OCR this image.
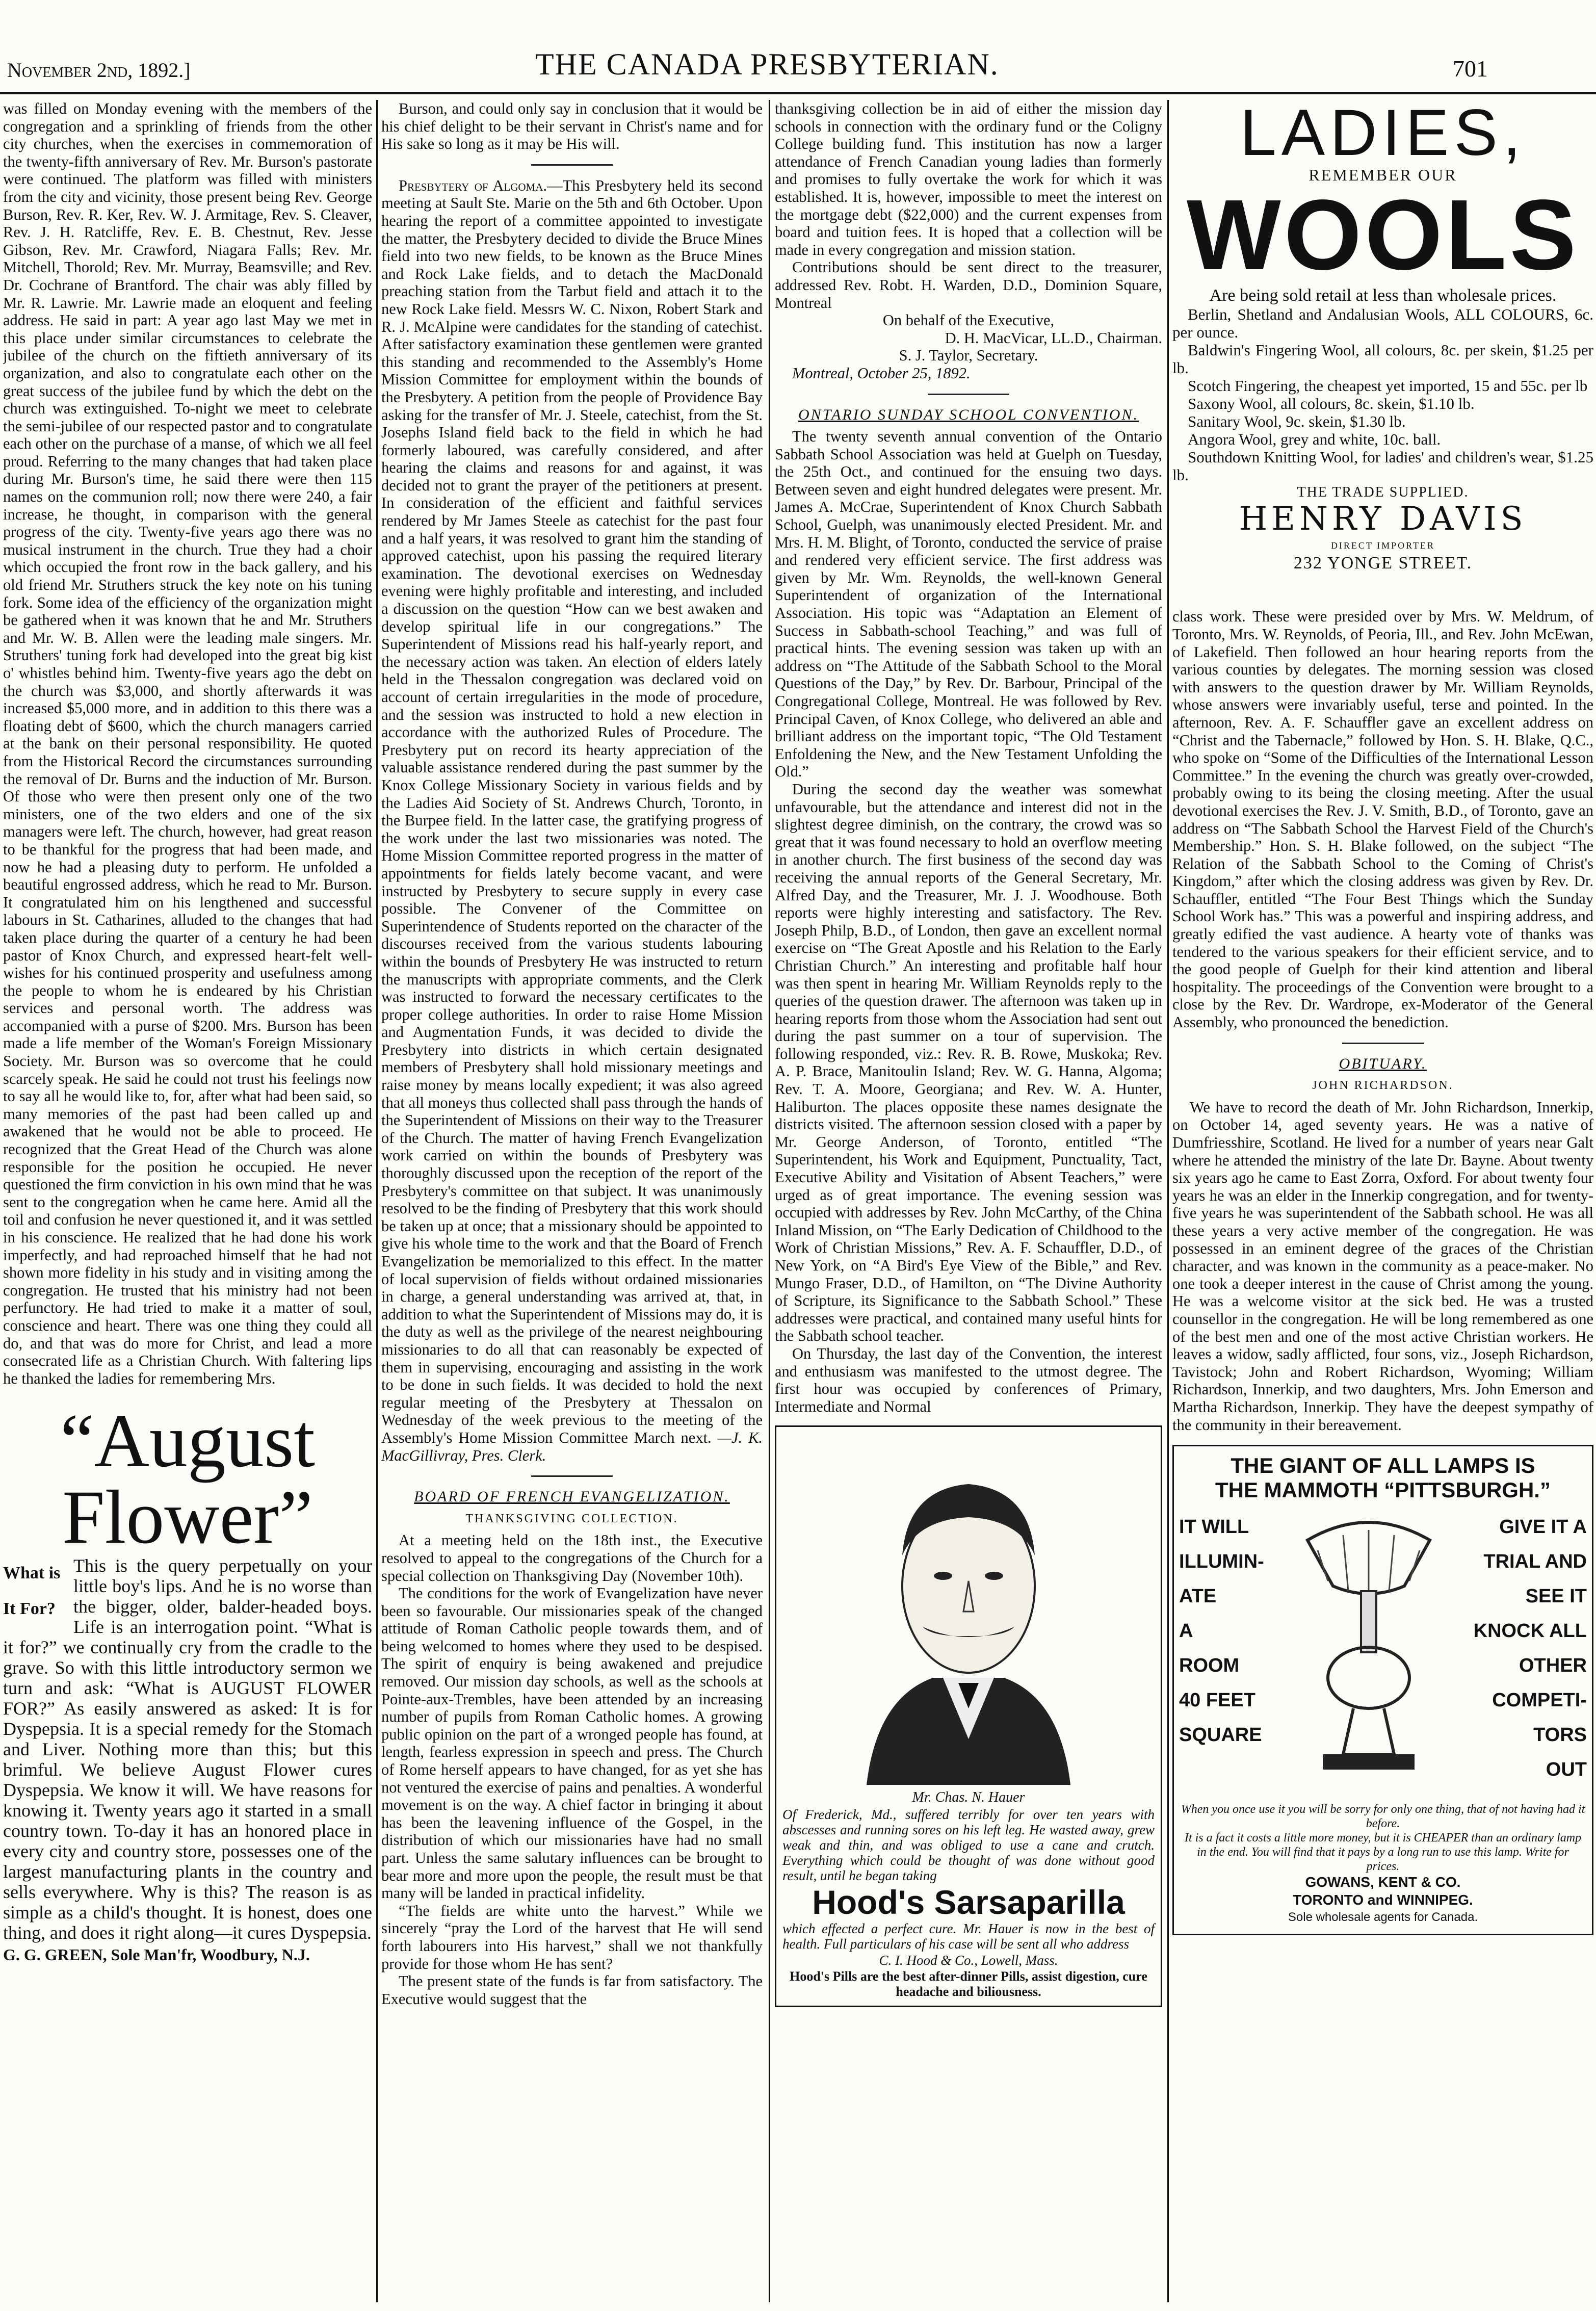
November 2nd, 1892.]	THE CANADA PRESBYTERIAN.	701

was filled on Monday evening with the members of the congregation and a sprinkling of friends from the other city churches, when the exercises in commemoration of the twenty-fifth anniversary of Rev. Mr. Burson's pastorate were continued. The platform was filled with ministers from the city and vicinity, those present being Rev. George Burson, Rev. R. Ker, Rev. W. J. Armitage, Rev. S. Cleaver, Rev. J. H. Ratcliffe, Rev. E. B. Chestnut, Rev. Jesse Gibson, Rev. Mr. Crawford, Niagara Falls; Rev. Mr. Mitchell, Thorold; Rev. Mr. Murray, Beamsville; and Rev. Dr. Cochrane of Brantford. The chair was ably filled by Mr. R. Lawrie. Mr. Lawrie made an eloquent and feeling address. He said in part: A year ago last May we met in this place under similar circumstances to celebrate the jubilee of the church on the fiftieth anniversary of its organization, and also to congratulate each other on the great success of the jubilee fund by which the debt on the church was extinguished. To-night we meet to celebrate the semi-jubilee of our respected pastor and to congratulate each other on the purchase of a manse, of which we all feel proud. Referring to the many changes that had taken place during Mr. Burson's time, he said there were then 115 names on the communion roll; now there were 240, a fair increase, he thought, in comparison with the general progress of the city. Twenty-five years ago there was no musical instrument in the church. True they had a choir which occupied the front row in the back gallery, and his old friend Mr. Struthers struck the key note on his tuning fork. Some idea of the efficiency of the organization might be gathered when it was known that he and Mr. Struthers and Mr. W. B. Allen were the leading male singers. Mr. Struthers' tuning fork had developed into the great big kist o' whistles behind him. Twenty-five years ago the debt on the church was $3,000, and shortly afterwards it was increased $5,000 more, and in addition to this there was a floating debt of $600, which the church managers carried at the bank on their personal responsibility. He quoted from the Historical Record the circumstances surrounding the removal of Dr. Burns and the induction of Mr. Burson. Of those who were then present only one of the two ministers, one of the two elders and one of the six managers were left. The church, however, had great reason to be thankful for the progress that had been made, and now he had a pleasing duty to perform. He unfolded a beautiful engrossed address, which he read to Mr. Burson. It congratulated him on his lengthened and successful labours in St. Catharines, alluded to the changes that had taken place during the quarter of a century he had been pastor of Knox Church, and expressed heart-felt well-wishes for his continued prosperity and usefulness among the people to whom he is endeared by his Christian services and personal worth. The address was accompanied with a purse of $200. Mrs. Burson has been made a life member of the Woman's Foreign Missionary Society. Mr. Burson was so overcome that he could scarcely speak. He said he could not trust his feelings now to say all he would like to, for, after what had been said, so many memories of the past had been called up and awakened that he would not be able to proceed. He recognized that the Great Head of the Church was alone responsible for the position he occupied. He never questioned the firm conviction in his own mind that he was sent to the congregation when he came here. Amid all the toil and confusion he never questioned it, and it was settled in his conscience. He realized that he had done his work imperfectly, and had reproached himself that he had not shown more fidelity in his study and in visiting among the congregation. He trusted that his ministry had not been perfunctory. He had tried to make it a matter of soul, conscience and heart. There was one thing they could all do, and that was do more for Christ, and lead a more consecrated life as a Christian Church. With faltering lips he thanked the ladies for remembering Mrs.

“August Flower”
What is
It For?
This is the query perpetually on your little boy's lips. And he is no worse than the bigger, older, balder-headed boys. Life is an interrogation point. “What is it for?” we continually cry from the cradle to the grave. So with this little introductory sermon we turn and ask: “What is AUGUST FLOWER FOR?” As easily answered as asked: It is for Dyspepsia. It is a special remedy for the Stomach and Liver. Nothing more than this; but this brimful. We believe August Flower cures Dyspepsia. We know it will. We have reasons for knowing it. Twenty years ago it started in a small country town. To-day it has an honored place in every city and country store, possesses one of the largest manufacturing plants in the country and sells everywhere. Why is this? The reason is as simple as a child's thought. It is honest, does one thing, and does it right along—it cures Dyspepsia.
G. G. GREEN, Sole Man'fr, Woodbury, N.J.

Burson, and could only say in conclusion that it would be his chief delight to be their servant in Christ's name and for His sake so long as it may be His will.

Presbytery of Algoma.—This Presbytery held its second meeting at Sault Ste. Marie on the 5th and 6th October. Upon hearing the report of a committee appointed to investigate the matter, the Presbytery decided to divide the Bruce Mines field into two new fields, to be known as the Bruce Mines and Rock Lake fields, and to detach the MacDonald preaching station from the Tarbut field and attach it to the new Rock Lake field. Messrs W. C. Nixon, Robert Stark and R. J. McAlpine were candidates for the standing of catechist. After satisfactory examination these gentlemen were granted this standing and recommended to the Assembly's Home Mission Committee for employment within the bounds of the Presbytery. A petition from the people of Providence Bay asking for the transfer of Mr. J. Steele, catechist, from the St. Josephs Island field back to the field in which he had formerly laboured, was carefully considered, and after hearing the claims and reasons for and against, it was decided not to grant the prayer of the petitioners at present. In consideration of the efficient and faithful services rendered by Mr James Steele as catechist for the past four and a half years, it was resolved to grant him the standing of approved catechist, upon his passing the required literary examination. The devotional exercises on Wednesday evening were highly profitable and interesting, and included a discussion on the question “How can we best awaken and develop spiritual life in our congregations.” The Superintendent of Missions read his half-yearly report, and the necessary action was taken. An election of elders lately held in the Thessalon congregation was declared void on account of certain irregularities in the mode of procedure, and the session was instructed to hold a new election in accordance with the authorized Rules of Procedure. The Presbytery put on record its hearty appreciation of the valuable assistance rendered during the past summer by the Knox College Missionary Society in various fields and by the Ladies Aid Society of St. Andrews Church, Toronto, in the Burpee field. In the latter case, the gratifying progress of the work under the last two missionaries was noted. The Home Mission Committee reported progress in the matter of appointments for fields lately become vacant, and were instructed by Presbytery to secure supply in every case possible. The Convener of the Committee on Superintendence of Students reported on the character of the discourses received from the various students labouring within the bounds of Presbytery He was instructed to return the manuscripts with appropriate comments, and the Clerk was instructed to forward the necessary certificates to the proper college authorities. In order to raise Home Mission and Augmentation Funds, it was decided to divide the Presbytery into districts in which certain designated members of Presbytery shall hold missionary meetings and raise money by means locally expedient; it was also agreed that all moneys thus collected shall pass through the hands of the Superintendent of Missions on their way to the Treasurer of the Church. The matter of having French Evangelization work carried on within the bounds of Presbytery was thoroughly discussed upon the reception of the report of the Presbytery's committee on that subject. It was unanimously resolved to be the finding of Presbytery that this work should be taken up at once; that a missionary should be appointed to give his whole time to the work and that the Board of French Evangelization be memorialized to this effect. In the matter of local supervision of fields without ordained missionaries in charge, a general understanding was arrived at, that, in addition to what the Superintendent of Missions may do, it is the duty as well as the privilege of the nearest neighbouring missionaries to do all that can reasonably be expected of them in supervising, encouraging and assisting in the work to be done in such fields. It was decided to hold the next regular meeting of the Presbytery at Thessalon on Wednesday of the week previous to the meeting of the Assembly's Home Mission Committee March next. —J. K. MacGillivray, Pres. Clerk.

BOARD OF FRENCH EVANGELIZATION.
THANKSGIVING COLLECTION.

At a meeting held on the 18th inst., the Executive resolved to appeal to the congregations of the Church for a special collection on Thanksgiving Day (November 10th).

The conditions for the work of Evangelization have never been so favourable. Our missionaries speak of the changed attitude of Roman Catholic people towards them, and of being welcomed to homes where they used to be despised. The spirit of enquiry is being awakened and prejudice removed. Our mission day schools, as well as the schools at Pointe-aux-Trembles, have been attended by an increasing number of pupils from Roman Catholic homes. A growing public opinion on the part of a wronged people has found, at length, fearless expression in speech and press. The Church of Rome herself appears to have changed, for as yet she has not ventured the exercise of pains and penalties. A wonderful movement is on the way. A chief factor in bringing it about has been the leavening influence of the Gospel, in the distribution of which our missionaries have had no small part. Unless the same salutary influences can be brought to bear more and more upon the people, the result must be that many will be landed in practical infidelity.

“The fields are white unto the harvest.” While we sincerely “pray the Lord of the harvest that He will send forth labourers into His harvest,” shall we not thankfully provide for those whom He has sent?

The present state of the funds is far from satisfactory. The Executive would suggest that the

thanksgiving collection be in aid of either the mission day schools in connection with the ordinary fund or the Coligny College building fund. This institution has now a larger attendance of French Canadian young ladies than formerly and promises to fully overtake the work for which it was established. It is, however, impossible to meet the interest on the mortgage debt ($22,000) and the current expenses from board and tuition fees. It is hoped that a collection will be made in every congregation and mission station.

Contributions should be sent direct to the treasurer, addressed Rev. Robt. H. Warden, D.D., Dominion Square, Montreal

On behalf of the Executive,

D. H. MacVicar, LL.D., Chairman.

S. J. Taylor, Secretary.

Montreal, October 25, 1892.

ONTARIO SUNDAY SCHOOL CONVENTION.

The twenty seventh annual convention of the Ontario Sabbath School Association was held at Guelph on Tuesday, the 25th Oct., and continued for the ensuing two days. Between seven and eight hundred delegates were present. Mr. James A. McCrae, Superintendent of Knox Church Sabbath School, Guelph, was unanimously elected President. Mr. and Mrs. H. M. Blight, of Toronto, conducted the service of praise and rendered very efficient service. The first address was given by Mr. Wm. Reynolds, the well-known General Superintendent of organization of the International Association. His topic was “Adaptation an Element of Success in Sabbath-school Teaching,” and was full of practical hints. The evening session was taken up with an address on “The Attitude of the Sabbath School to the Moral Questions of the Day,” by Rev. Dr. Barbour, Principal of the Congregational College, Montreal. He was followed by Rev. Principal Caven, of Knox College, who delivered an able and brilliant address on the important topic, “The Old Testament Enfoldening the New, and the New Testament Unfolding the Old.”

During the second day the weather was somewhat unfavourable, but the attendance and interest did not in the slightest degree diminish, on the contrary, the crowd was so great that it was found necessary to hold an overflow meeting in another church. The first business of the second day was receiving the annual reports of the General Secretary, Mr. Alfred Day, and the Treasurer, Mr. J. J. Woodhouse. Both reports were highly interesting and satisfactory. The Rev. Joseph Philp, B.D., of London, then gave an excellent normal exercise on “The Great Apostle and his Relation to the Early Christian Church.” An interesting and profitable half hour was then spent in hearing Mr. William Reynolds reply to the queries of the question drawer. The afternoon was taken up in hearing reports from those whom the Association had sent out during the past summer on a tour of supervision. The following responded, viz.: Rev. R. B. Rowe, Muskoka; Rev. A. P. Brace, Manitoulin Island; Rev. W. G. Hanna, Algoma; Rev. T. A. Moore, Georgiana; and Rev. W. A. Hunter, Haliburton. The places opposite these names designate the districts visited. The afternoon session closed with a paper by Mr. George Anderson, of Toronto, entitled “The Superintendent, his Work and Equipment, Punctuality, Tact, Executive Ability and Visitation of Absent Teachers,” were urged as of great importance. The evening session was occupied with addresses by Rev. John McCarthy, of the China Inland Mission, on “The Early Dedication of Childhood to the Work of Christian Missions,” Rev. A. F. Schauffler, D.D., of New York, on “A Bird's Eye View of the Bible,” and Rev. Mungo Fraser, D.D., of Hamilton, on “The Divine Authority of Scripture, its Significance to the Sabbath School.” These addresses were practical, and contained many useful hints for the Sabbath school teacher.

On Thursday, the last day of the Convention, the interest and enthusiasm was manifested to the utmost degree. The first hour was occupied by conferences of Primary, Intermediate and Normal

Mr. Chas. N. Hauer
Of Frederick, Md., suffered terribly for over ten years with abscesses and running sores on his left leg. He wasted away, grew weak and thin, and was obliged to use a cane and crutch. Everything which could be thought of was done without good result, until he began taking
Hood's Sarsaparilla
which effected a perfect cure. Mr. Hauer is now in the best of health. Full particulars of his case will be sent all who address
C. I. Hood & Co., Lowell, Mass.
Hood's Pills are the best after-dinner Pills, assist digestion, cure headache and biliousness.
LADIES,
REMEMBER OUR
WOOLS
Are being sold retail at less than wholesale prices.
Berlin, Shetland and Andalusian Wools, ALL COLOURS, 6c. per ounce.
Baldwin's Fingering Wool, all colours, 8c. per skein, $1.25 per lb.
Scotch Fingering, the cheapest yet imported, 15 and 55c. per lb
Saxony Wool, all colours, 8c. skein, $1.10 lb.
Sanitary Wool, 9c. skein, $1.30 lb.
Angora Wool, grey and white, 10c. ball.
Southdown Knitting Wool, for ladies' and children's wear, $1.25 lb.
THE TRADE SUPPLIED.
HENRY DAVIS
DIRECT IMPORTER
232 YONGE STREET.

class work. These were presided over by Mrs. W. Meldrum, of Toronto, Mrs. W. Reynolds, of Peoria, Ill., and Rev. John McEwan, of Lakefield. Then followed an hour hearing reports from the various counties by delegates. The morning session was closed with answers to the question drawer by Mr. William Reynolds, whose answers were invariably useful, terse and pointed. In the afternoon, Rev. A. F. Schauffler gave an excellent address on “Christ and the Tabernacle,” followed by Hon. S. H. Blake, Q.C., who spoke on “Some of the Difficulties of the International Lesson Committee.” In the evening the church was greatly over-crowded, probably owing to its being the closing meeting. After the usual devotional exercises the Rev. J. V. Smith, B.D., of Toronto, gave an address on “The Sabbath School the Harvest Field of the Church's Membership.” Hon. S. H. Blake followed, on the subject “The Relation of the Sabbath School to the Coming of Christ's Kingdom,” after which the closing address was given by Rev. Dr. Schauffler, entitled “The Four Best Things which the Sunday School Work has.” This was a powerful and inspiring address, and greatly edified the vast audience. A hearty vote of thanks was tendered to the various speakers for their efficient service, and to the good people of Guelph for their kind attention and liberal hospitality. The proceedings of the Convention were brought to a close by the Rev. Dr. Wardrope, ex-Moderator of the General Assembly, who pronounced the benediction.

OBITUARY.
JOHN RICHARDSON.

We have to record the death of Mr. John Richardson, Innerkip, on October 14, aged seventy years. He was a native of Dumfriesshire, Scotland. He lived for a number of years near Galt where he attended the ministry of the late Dr. Bayne. About twenty six years ago he came to East Zorra, Oxford. For about twenty four years he was an elder in the Innerkip congregation, and for twenty-five years he was superintendent of the Sabbath school. He was all these years a very active member of the congregation. He was possessed in an eminent degree of the graces of the Christian character, and was known in the community as a peace-maker. No one took a deeper interest in the cause of Christ among the young. He was a welcome visitor at the sick bed. He was a trusted counsellor in the congregation. He will be long remembered as one of the best men and one of the most active Christian workers. He leaves a widow, sadly afflicted, four sons, viz., Joseph Richardson, Tavistock; John and Robert Richardson, Wyoming; William Richardson, Innerkip, and two daughters, Mrs. John Emerson and Martha Richardson, Innerkip. They have the deepest sympathy of the community in their bereavement.

THE GIANT OF ALL LAMPS IS
THE MAMMOTH “PITTSBURGH.”
IT WILL
ILLUMIN-
ATE
A
ROOM
40 FEET
SQUARE
GIVE IT A
TRIAL AND
SEE IT
KNOCK ALL
OTHER
COMPETI-
TORS
OUT
When you once use it you will be sorry for only one thing, that of not having had it before.
It is a fact it costs a little more money, but it is CHEAPER than an ordinary lamp in the end. You will find that it pays by a long run to use this lamp. Write for prices.
GOWANS, KENT & CO.
TORONTO and WINNIPEG.
Sole wholesale agents for Canada.
